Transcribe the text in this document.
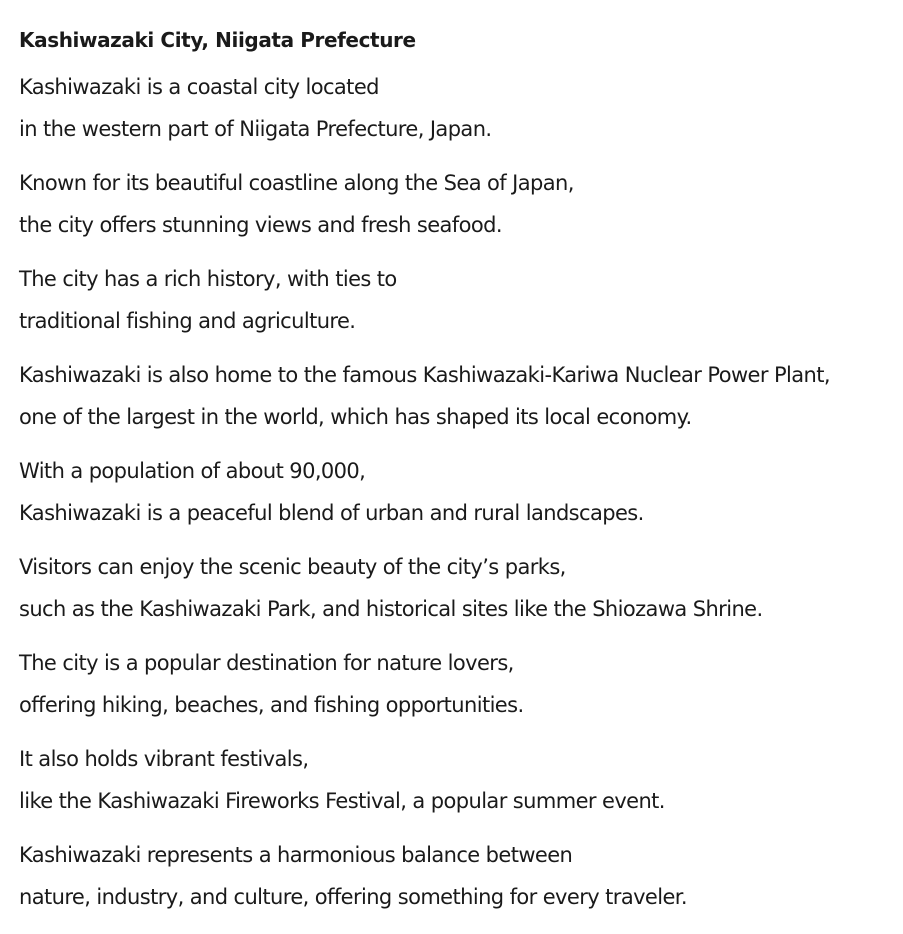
Kashiwazaki City, Niigata Prefecture
Kashiwazaki is a coastal city located
in the western part of Niigata Prefecture, Japan.
Known for its beautiful coastline along the Sea of Japan,
the city offers stunning views and fresh seafood.
The city has a rich history, with ties to
traditional fishing and agriculture.
Kashiwazaki is also home to the famous Kashiwazaki-Kariwa Nuclear Power Plant,
one of the largest in the world, which has shaped its local economy.
With a population of about 90,000,
Kashiwazaki is a peaceful blend of urban and rural landscapes.
Visitors can enjoy the scenic beauty of the city’s parks,
such as the Kashiwazaki Park, and historical sites like the Shiozawa Shrine.
The city is a popular destination for nature lovers,
offering hiking, beaches, and fishing opportunities.
It also holds vibrant festivals,
like the Kashiwazaki Fireworks Festival, a popular summer event.
Kashiwazaki represents a harmonious balance between
nature, industry, and culture, offering something for every traveler.
